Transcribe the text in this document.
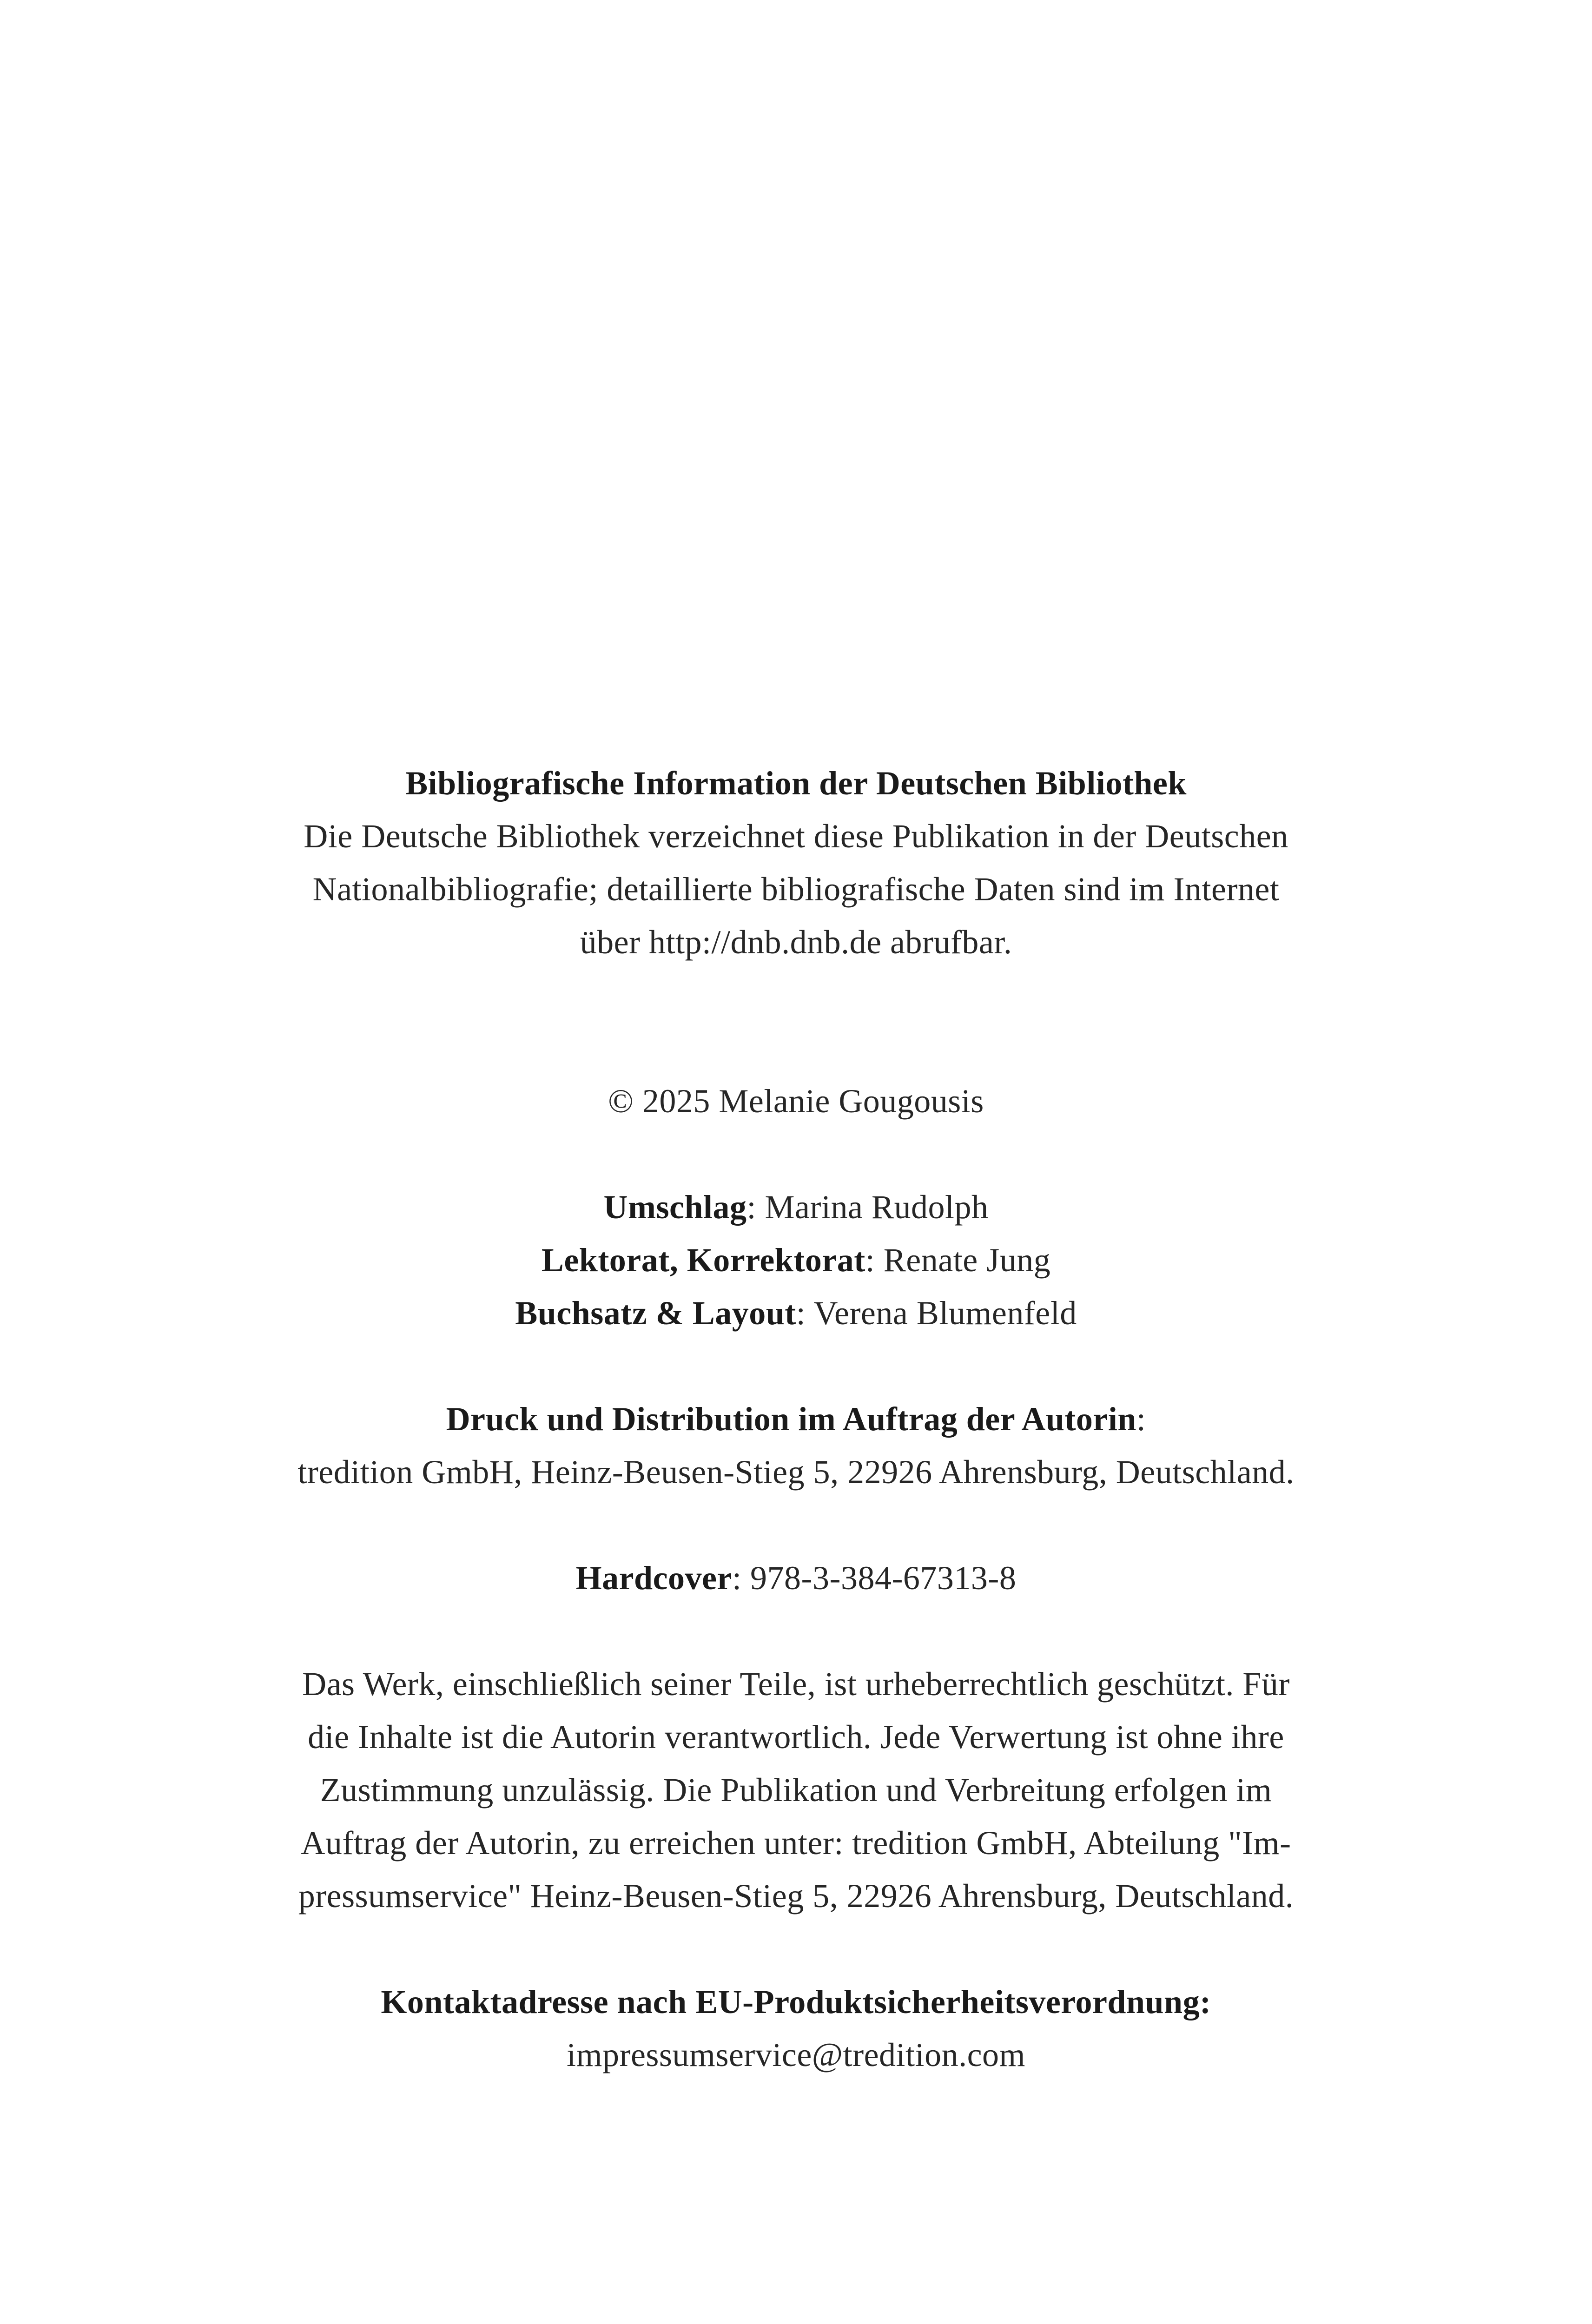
Bibliografische Information der Deutschen Bibliothek

Die Deutsche Bibliothek verzeichnet diese Publikation in der Deutschen

Nationalbibliografie; detaillierte bibliografische Daten sind im Internet

über http://dnb.dnb.de abrufbar.

© 2025 Melanie Gougousis

Umschlag: Marina Rudolph

Lektorat, Korrektorat: Renate Jung

Buchsatz & Layout: Verena Blumenfeld

Druck und Distribution im Auftrag der Autorin:

tredition GmbH, Heinz-Beusen-Stieg 5, 22926 Ahrensburg, Deutschland.

Hardcover: 978-3-384-67313-8

Das Werk, einschließlich seiner Teile, ist urheberrechtlich geschützt. Für

die Inhalte ist die Autorin verantwortlich. Jede Verwertung ist ohne ihre

Zustimmung unzulässig. Die Publikation und Verbreitung erfolgen im

Auftrag der Autorin, zu erreichen unter: tredition GmbH, Abteilung "Im-

pressumservice" Heinz-Beusen-Stieg 5, 22926 Ahrensburg, Deutschland.

Kontaktadresse nach EU-Produktsicherheitsverordnung:

impressumservice@tredition.com
